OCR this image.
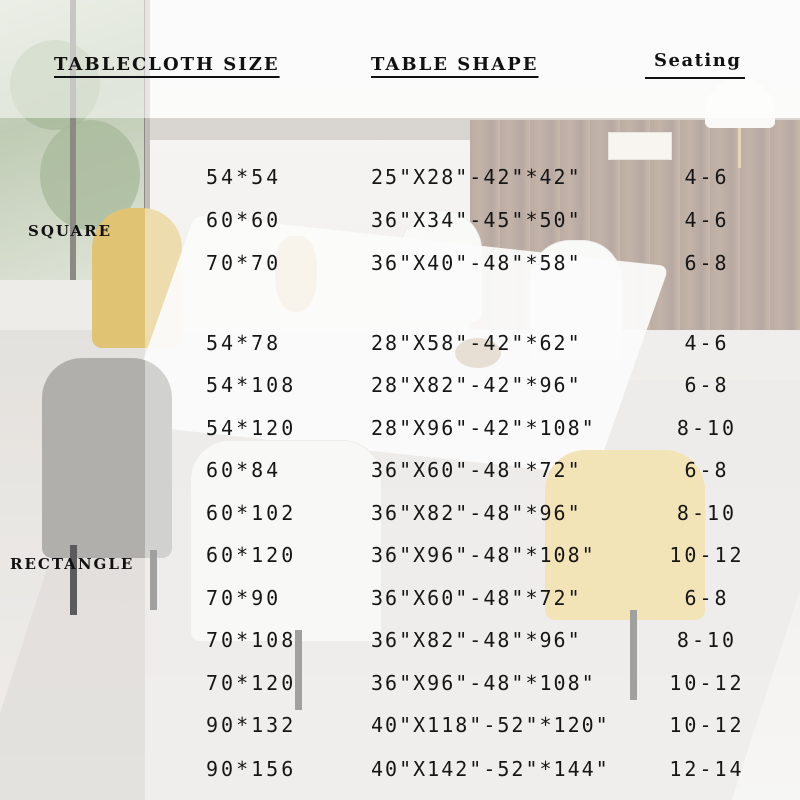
TABLECLOTH SIZE	TABLE SHAPE	Seating
SQUARE
RECTANGLE
54*54	25"X28"-42"*42"	4-6
60*60	36"X34"-45"*50"	4-6
70*70	36"X40"-48"*58"	6-8
54*78	28"X58"-42"*62"	4-6
54*108	28"X82"-42"*96"	6-8
54*120	28"X96"-42"*108"	8-10
60*84	36"X60"-48"*72"	6-8
60*102	36"X82"-48"*96"	8-10
60*120	36"X96"-48"*108"	10-12
70*90	36"X60"-48"*72"	6-8
70*108	36"X82"-48"*96"	8-10
70*120	36"X96"-48"*108"	10-12
90*132	40"X118"-52"*120"	10-12
90*156	40"X142"-52"*144"	12-14
